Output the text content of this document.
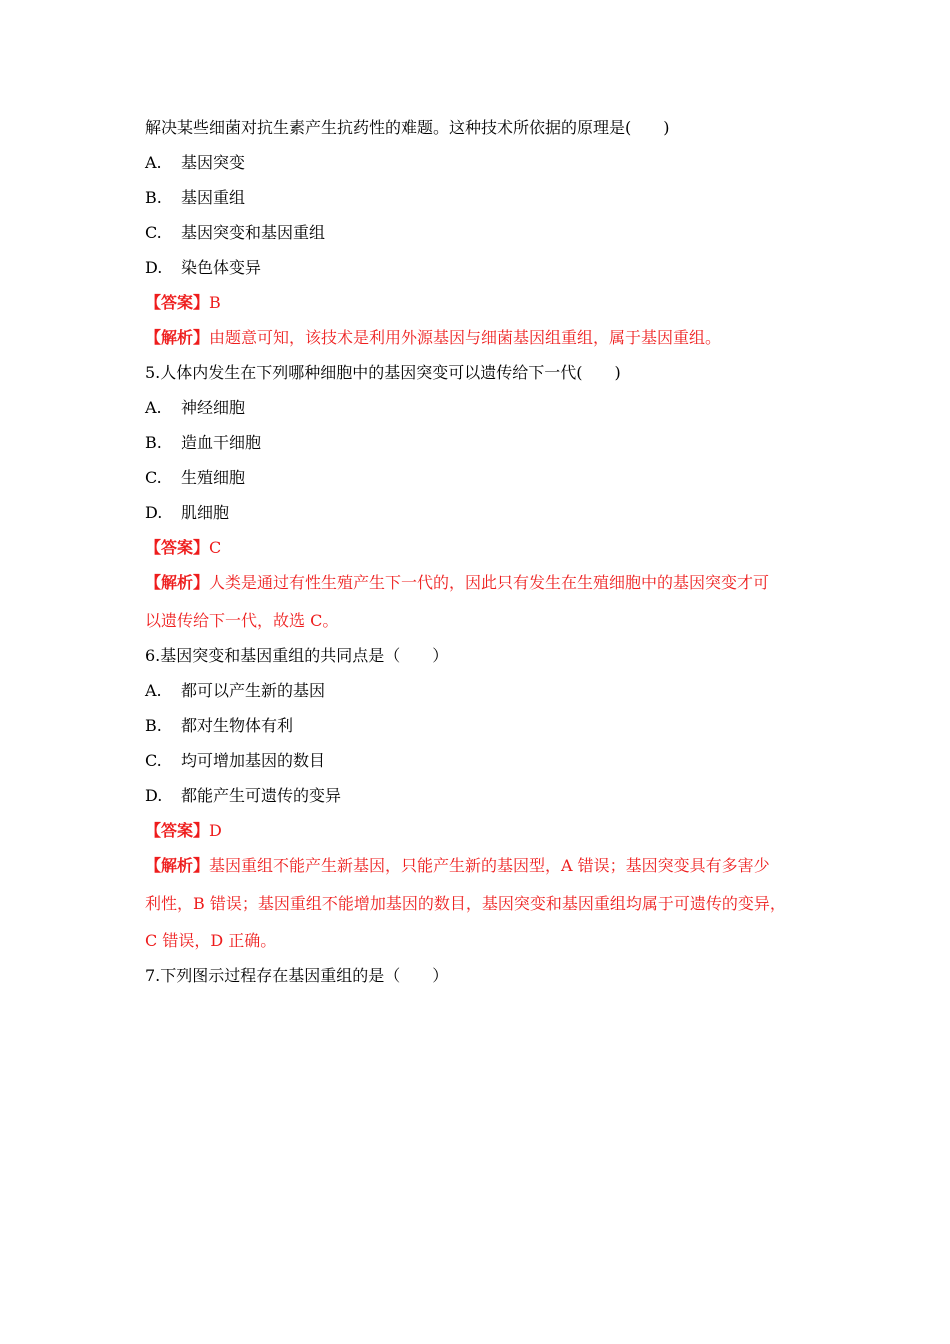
解决某些细菌对抗生素产生抗药性的难题。这种技术所依据的原理是(　　)
A. 基因突变
B. 基因重组
C. 基因突变和基因重组
D. 染色体变异
【答案】B
【解析】由题意可知，该技术是利用外源基因与细菌基因组重组，属于基因重组。
5.人体内发生在下列哪种细胞中的基因突变可以遗传给下一代(　　)
A. 神经细胞
B. 造血干细胞
C. 生殖细胞
D. 肌细胞
【答案】C
【解析】人类是通过有性生殖产生下一代的，因此只有发生在生殖细胞中的基因突变才可
以遗传给下一代，故选 C。
6.基因突变和基因重组的共同点是（　　）
A. 都可以产生新的基因
B. 都对生物体有利
C. 均可增加基因的数目
D. 都能产生可遗传的变异
【答案】D
【解析】基因重组不能产生新基因，只能产生新的基因型，A 错误；基因突变具有多害少
利性，B 错误；基因重组不能增加基因的数目，基因突变和基因重组均属于可遗传的变异，
C 错误，D 正确。
7.下列图示过程存在基因重组的是（　　）
